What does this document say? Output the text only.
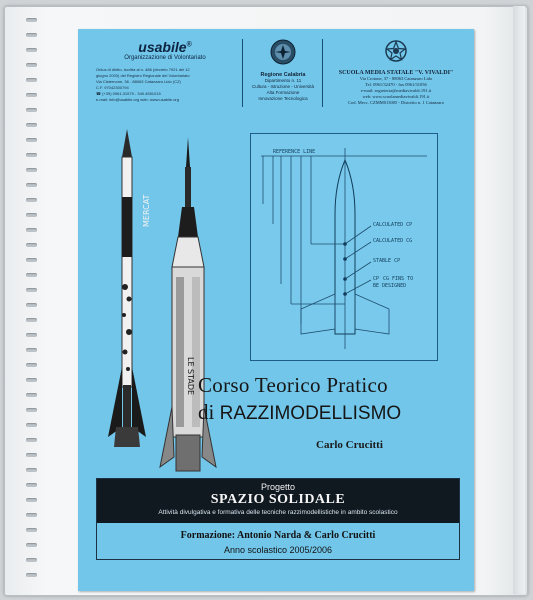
usabile®
Organizzazione di Volontariato
Onlus di diritto, iscritta al n. 486 (decreto 7921 del 12
giugno 2003) del Registro Regionale del Volontariato
Via Cisternone, 36 - 88063 Catanzaro Lido (CZ)
C.F. 97042300794
☎ (+39) 0961.31579 - 349.4551015
e-mail: info@usabile.org web: www.usabile.org
Regione Calabria
Dipartimento n. 11
Cultura - Istruzione - Università
Alta Formazione
Innovazione Tecnologica
SCUOLA MEDIA STATALE "V. VIVALDI"
Via Crotone, 37 - 88063 Catanzaro Lido
Tel. 0961/32470 - fax 0961/31056
e-mail: segreteria@mediavivaldi.191.it
web: www.scuolamediavivaldi.191.it
Cod. Mecc. CZMM013005 - Distretto n. 1 Catanzaro
MERCAT
LE STADE
REFERENCE LINE
CALCULATED CP
CALCULATED CG
STABLE CP
CP CG FINS TO
BE DESIGNED
Corso Teorico Pratico
di RAZZIMODELLISMO
Carlo Crucitti
Progetto
SPAZIO SOLIDALE
Attività divulgativa e formativa delle tecniche razzimodellistiche in ambito scolastico
Formazione: Antonio Narda & Carlo Crucitti
Anno scolastico 2005/2006
